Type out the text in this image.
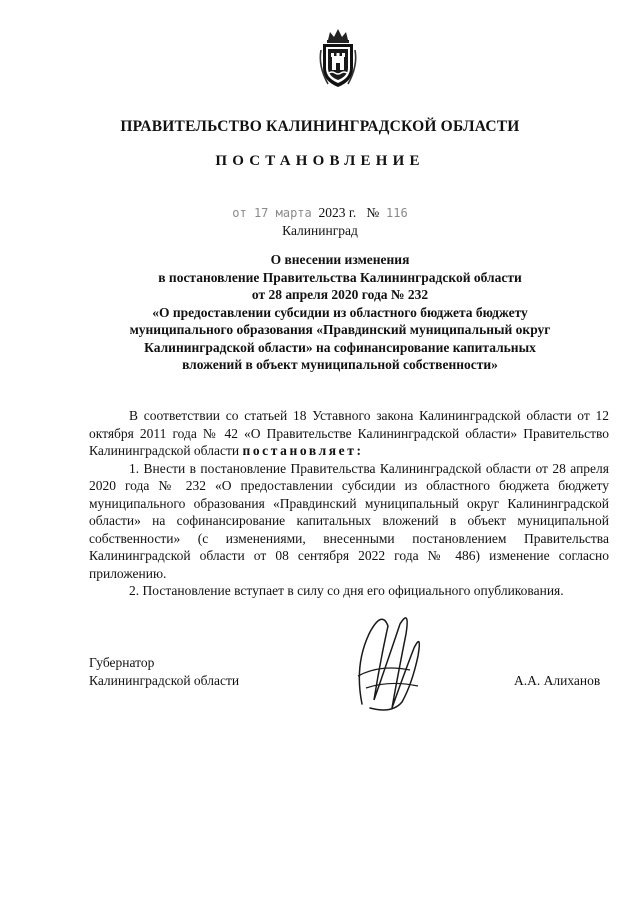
ПРАВИТЕЛЬСТВО КАЛИНИНГРАДСКОЙ ОБЛАСТИ
ПОСТАНОВЛЕНИЕ
от 17 марта 2023 г. № 116
Калининград
О внесении изменения
в постановление Правительства Калининградской области
от 28 апреля 2020 года № 232
«О предоставлении субсидии из областного бюджета бюджету
муниципального образования «Правдинский муниципальный округ
Калининградской области» на софинансирование капитальных
вложений в объект муниципальной собственности»

В соответствии со статьей 18 Уставного закона Калининградской области от 12 октября 2011 года № 42 «О Правительстве Калининградской области» Правительство Калининградской области постановляет:

1. Внести в постановление Правительства Калининградской области от 28 апреля 2020 года № 232 «О предоставлении субсидии из областного бюджета бюджету муниципального образования «Правдинский муниципальный округ Калининградской области» на софинансирование капитальных вложений в объект муниципальной собственности» (с изменениями, внесенными постановлением Правительства Калининградской области от 08 сентября 2022 года № 486) изменение согласно приложению.

2. Постановление вступает в силу со дня его официального опубликования.

Губернатор
Калининградской области	А.А. Алиханов
